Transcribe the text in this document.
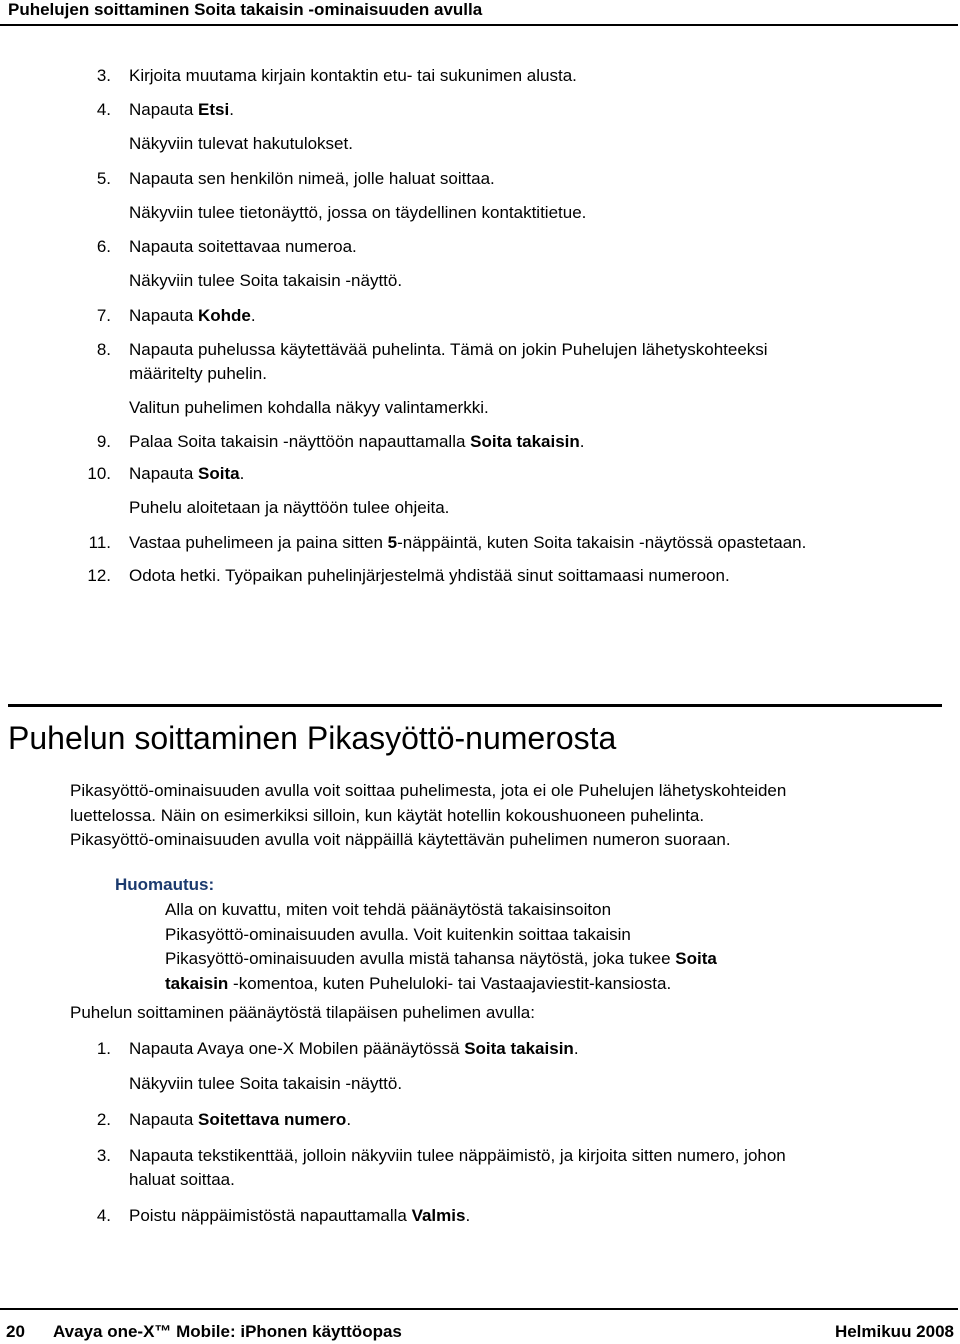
Puhelujen soittaminen Soita takaisin -ominaisuuden avulla
3. Kirjoita muutama kirjain kontaktin etu- tai sukunimen alusta.
4. Napauta Etsi.
Näkyviin tulevat hakutulokset.
5. Napauta sen henkilön nimeä, jolle haluat soittaa.
Näkyviin tulee tietonäyttö, jossa on täydellinen kontaktitietue.
6. Napauta soitettavaa numeroa.
Näkyviin tulee Soita takaisin -näyttö.
7. Napauta Kohde.
8. Napauta puhelussa käytettävää puhelinta. Tämä on jokin Puhelujen lähetyskohteeksi
määritelty puhelin.
Valitun puhelimen kohdalla näkyy valintamerkki.
9. Palaa Soita takaisin -näyttöön napauttamalla Soita takaisin.
10. Napauta Soita.
Puhelu aloitetaan ja näyttöön tulee ohjeita.
11. Vastaa puhelimeen ja paina sitten 5-näppäintä, kuten Soita takaisin -näytössä opastetaan.
12. Odota hetki. Työpaikan puhelinjärjestelmä yhdistää sinut soittamaasi numeroon.
Puhelun soittaminen Pikasyöttö-numerosta
Pikasyöttö-ominaisuuden avulla voit soittaa puhelimesta, jota ei ole Puhelujen lähetyskohteiden
luettelossa. Näin on esimerkiksi silloin, kun käytät hotellin kokoushuoneen puhelinta.
Pikasyöttö-ominaisuuden avulla voit näppäillä käytettävän puhelimen numeron suoraan.
Huomautus:
Alla on kuvattu, miten voit tehdä päänäytöstä takaisinsoiton
Pikasyöttö-ominaisuuden avulla. Voit kuitenkin soittaa takaisin
Pikasyöttö-ominaisuuden avulla mistä tahansa näytöstä, joka tukee Soita
takaisin -komentoa, kuten Puheluloki- tai Vastaajaviestit-kansiosta.
Puhelun soittaminen päänäytöstä tilapäisen puhelimen avulla:
1. Napauta Avaya one-X Mobilen päänäytössä Soita takaisin.
Näkyviin tulee Soita takaisin -näyttö.
2. Napauta Soitettava numero.
3. Napauta tekstikenttää, jolloin näkyviin tulee näppäimistö, ja kirjoita sitten numero, johon
haluat soittaa.
4. Poistu näppäimistöstä napauttamalla Valmis.
20 Avaya one-X™ Mobile: iPhonen käyttöopas	Helmikuu 2008
